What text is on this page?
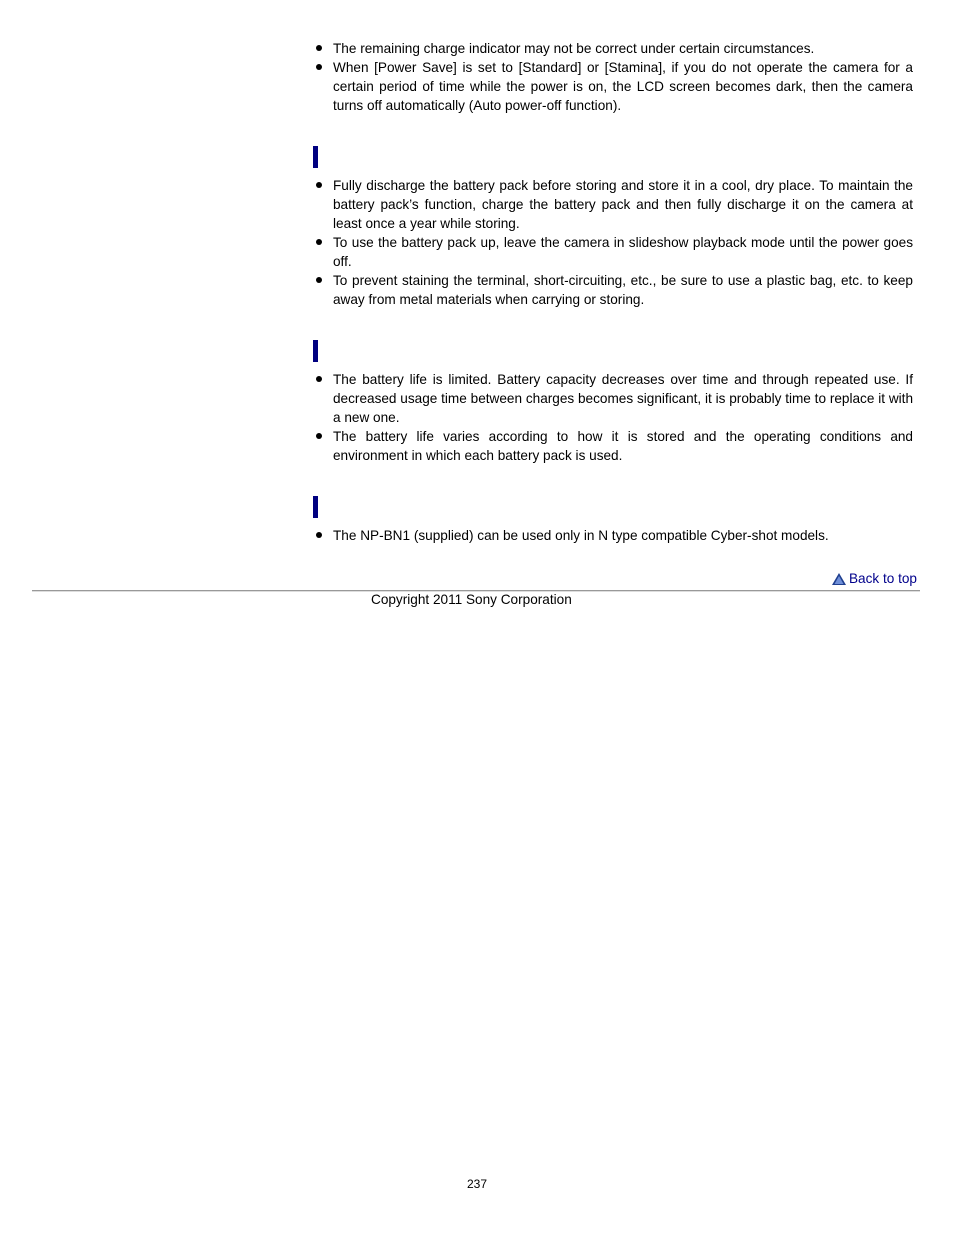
The remaining charge indicator may not be correct under certain circumstances.
When [Power Save] is set to [Standard] or [Stamina], if you do not operate the camera for a certain period of time while the power is on, the LCD screen becomes dark, then the camera turns off automatically (Auto power-off function).
Fully discharge the battery pack before storing and store it in a cool, dry place. To maintain the battery pack’s function, charge the battery pack and then fully discharge it on the camera at least once a year while storing.
To use the battery pack up, leave the camera in slideshow playback mode until the power goes off.
To prevent staining the terminal, short-circuiting, etc., be sure to use a plastic bag, etc. to keep away from metal materials when carrying or storing.
The battery life is limited. Battery capacity decreases over time and through repeated use. If decreased usage time between charges becomes significant, it is probably time to replace it with a new one.
The battery life varies according to how it is stored and the operating conditions and environment in which each battery pack is used.
The NP-BN1 (supplied) can be used only in N type compatible Cyber-shot models.
Back to top
Copyright 2011 Sony Corporation
237
